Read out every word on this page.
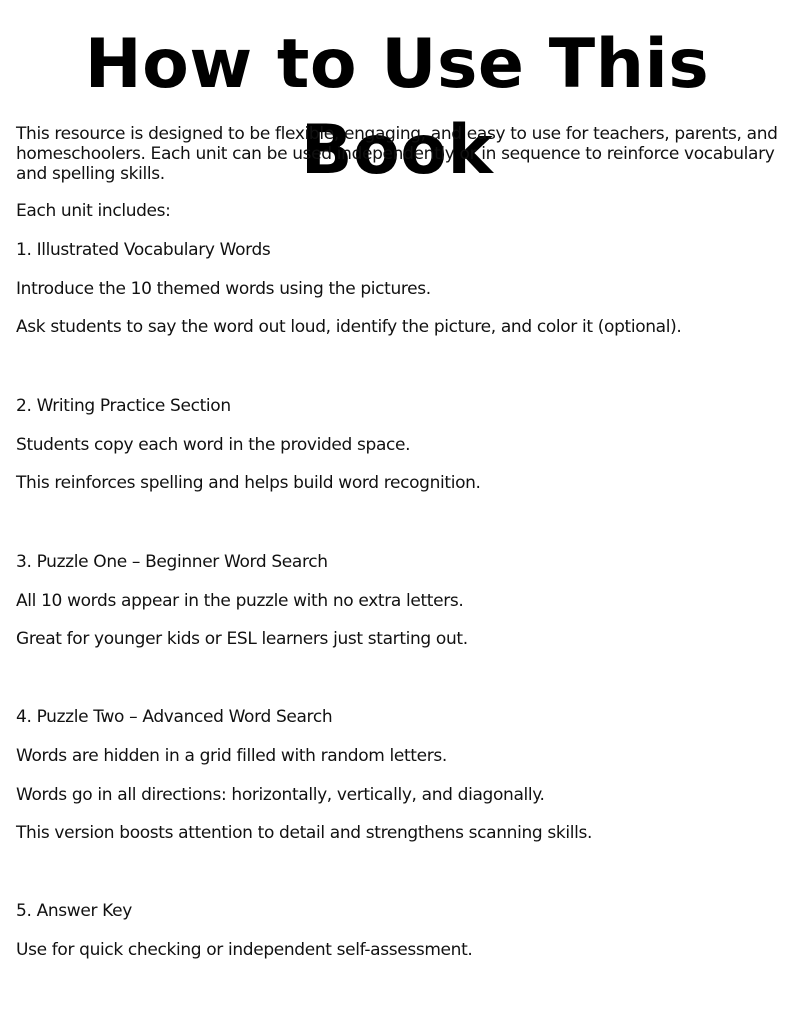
How to Use This Book

This resource is designed to be flexible, engaging, and easy to use for teachers, parents, and homeschoolers. Each unit can be used independently or in sequence to reinforce vocabulary and spelling skills.

Each unit includes:

1. Illustrated Vocabulary Words

Introduce the 10 themed words using the pictures.

Ask students to say the word out loud, identify the picture, and color it (optional).

2. Writing Practice Section

Students copy each word in the provided space.

This reinforces spelling and helps build word recognition.

3. Puzzle One – Beginner Word Search

All 10 words appear in the puzzle with no extra letters.

Great for younger kids or ESL learners just starting out.

4. Puzzle Two – Advanced Word Search

Words are hidden in a grid filled with random letters.

Words go in all directions: horizontally, vertically, and diagonally.

This version boosts attention to detail and strengthens scanning skills.

5. Answer Key

Use for quick checking or independent self-assessment.
